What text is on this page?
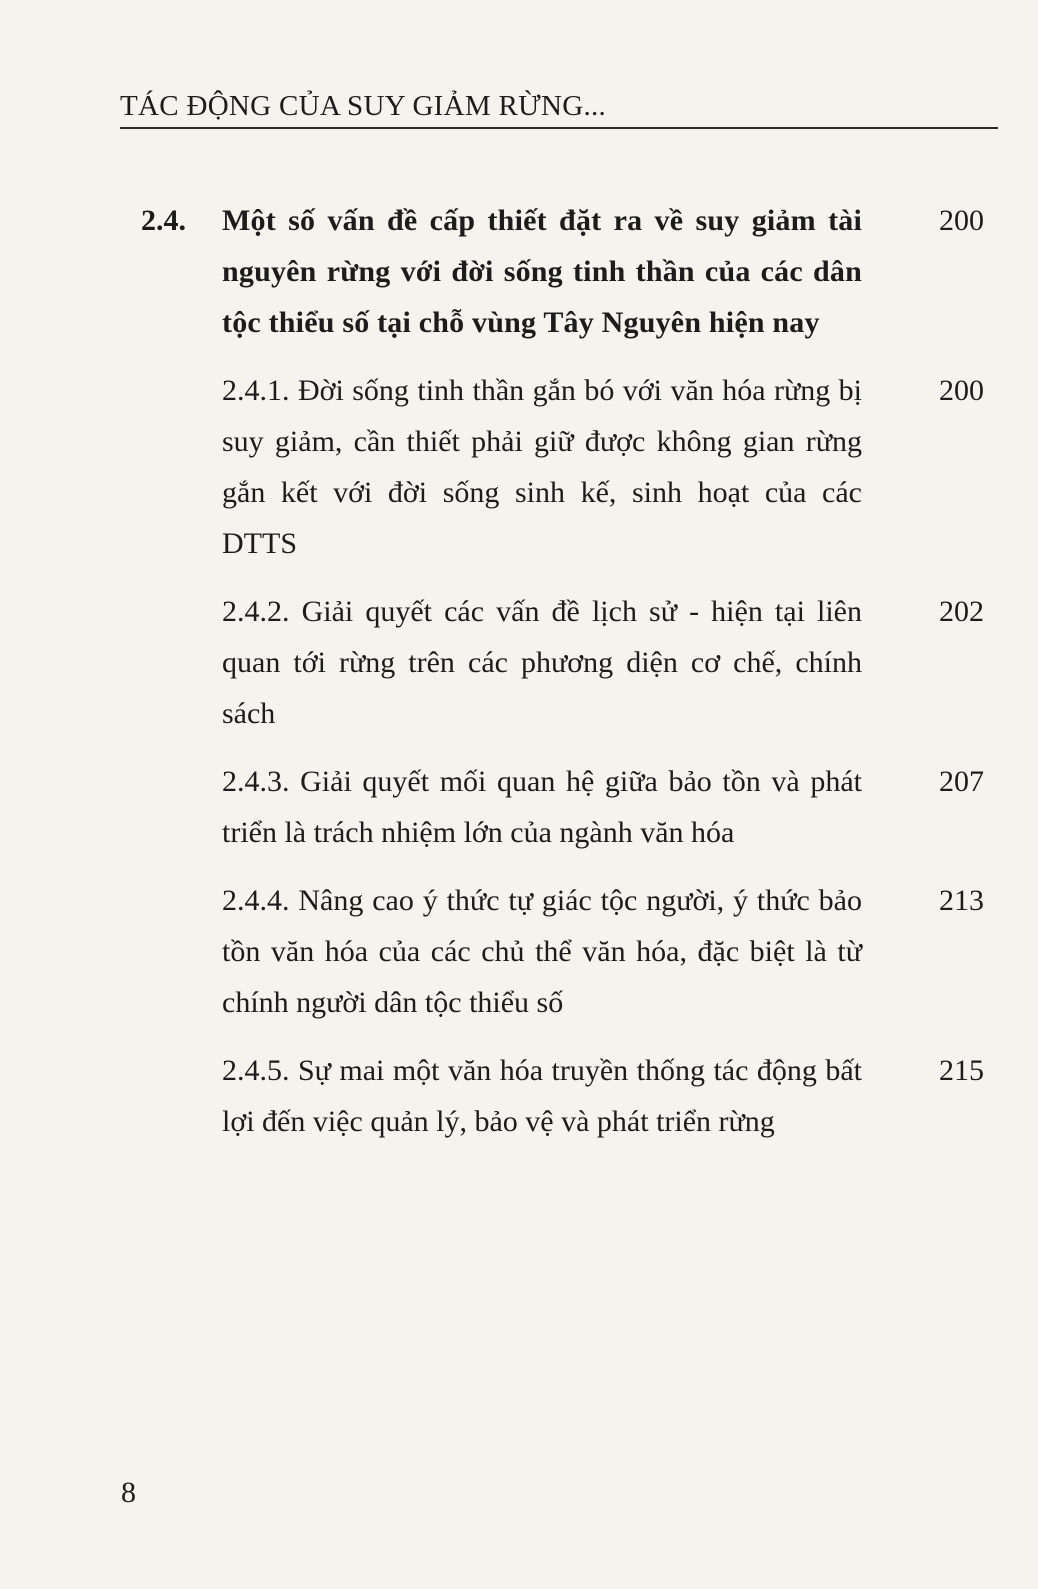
TÁC ĐỘNG CỦA SUY GIẢM RỪNG...
2.4. Một số vấn đề cấp thiết đặt ra về suy giảm tài nguyên rừng với đời sống tinh thần của các dân tộc thiểu số tại chỗ vùng Tây Nguyên hiện nay
200
2.4.1. Đời sống tinh thần gắn bó với văn hóa rừng bị suy giảm, cần thiết phải giữ được không gian rừng gắn kết với đời sống sinh kế, sinh hoạt của các DTTS
200
2.4.2. Giải quyết các vấn đề lịch sử - hiện tại liên quan tới rừng trên các phương diện cơ chế, chính sách
202
2.4.3. Giải quyết mối quan hệ giữa bảo tồn và phát triển là trách nhiệm lớn của ngành văn hóa
207
2.4.4. Nâng cao ý thức tự giác tộc người, ý thức bảo tồn văn hóa của các chủ thể văn hóa, đặc biệt là từ chính người dân tộc thiểu số
213
2.4.5. Sự mai một văn hóa truyền thống tác động bất lợi đến việc quản lý, bảo vệ và phát triển rừng
215
8
